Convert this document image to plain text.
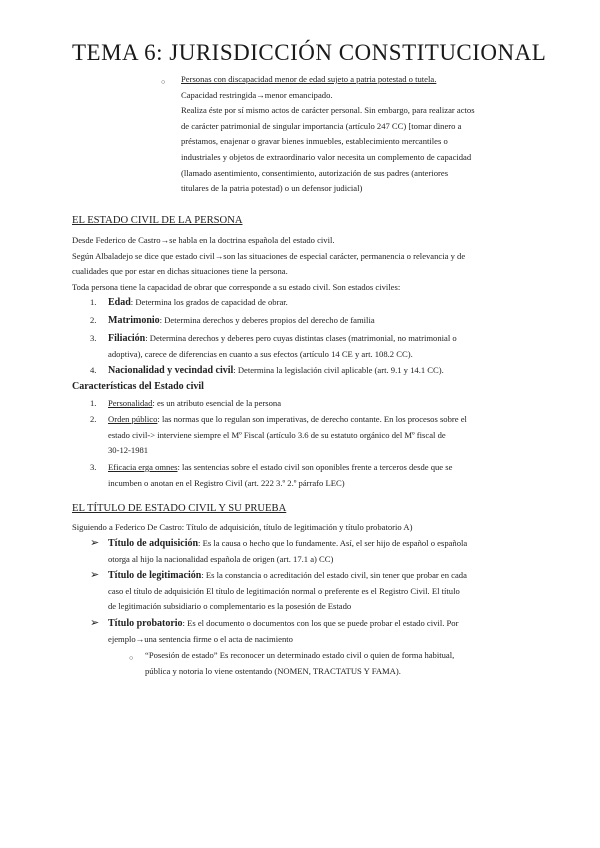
TEMA 6: JURISDICCIÓN CONSTITUCIONAL
○ Personas con discapacidad menor de edad sujeto a patria potestad o tutela.
Capacidad restringida→menor emancipado.
Realiza éste por sí mismo actos de carácter personal. Sin embargo, para realizar actos
de carácter patrimonial de singular importancia (artículo 247 CC) [tomar dinero a
préstamos, enajenar o gravar bienes inmuebles, establecimiento mercantiles o
industriales y objetos de extraordinario valor necesita un complemento de capacidad
(llamado asentimiento, consentimiento, autorización de sus padres (anteriores
titulares de la patria potestad) o un defensor judicial)
EL ESTADO CIVIL DE LA PERSONA
Desde Federico de Castro→se habla en la doctrina española del estado civil.
Según Albaladejo se dice que estado civil→son las situaciones de especial carácter, permanencia o relevancia y de
cualidades que por estar en dichas situaciones tiene la persona.
Toda persona tiene la capacidad de obrar que corresponde a su estado civil. Son estados civiles:
1. Edad: Determina los grados de capacidad de obrar.
2. Matrimonio: Determina derechos y deberes propios del derecho de familia
3. Filiación: Determina derechos y deberes pero cuyas distintas clases (matrimonial, no matrimonial o
adoptiva), carece de diferencias en cuanto a sus efectos (artículo 14 CE y art. 108.2 CC).
4. Nacionalidad y vecindad civil: Determina la legislación civil aplicable (art. 9.1 y 14.1 CC).
Características del Estado civil
1. Personalidad: es un atributo esencial de la persona
2. Orden público: las normas que lo regulan son imperativas, de derecho contante. En los procesos sobre el
estado civil-> interviene siempre el Mº Fiscal (artículo 3.6 de su estatuto orgánico del Mº fiscal de
30-12-1981
3. Eficacia erga omnes: las sentencias sobre el estado civil son oponibles frente a terceros desde que se
incumben o anotan en el Registro Civil (art. 222 3.º 2.º párrafo LEC)
EL TÍTULO DE ESTADO CIVIL Y SU PRUEBA
Siguiendo a Federico De Castro: Título de adquisición, título de legitimación y título probatorio A)
➢ Título de adquisición: Es la causa o hecho que lo fundamente. Así, el ser hijo de español o española
otorga al hijo la nacionalidad española de origen (art. 17.1 a) CC)
➢ Título de legitimación: Es la constancia o acreditación del estado civil, sin tener que probar en cada
caso el título de adquisición El título de legitimación normal o preferente es el Registro Civil. El título
de legitimación subsidiario o complementario es la posesión de Estado
➢ Título probatorio: Es el documento o documentos con los que se puede probar el estado civil. Por
ejemplo→una sentencia firme o el acta de nacimiento
○ “Posesión de estado” Es reconocer un determinado estado civil o quien de forma habitual,
pública y notoria lo viene ostentando (NOMEN, TRACTATUS Y FAMA).
